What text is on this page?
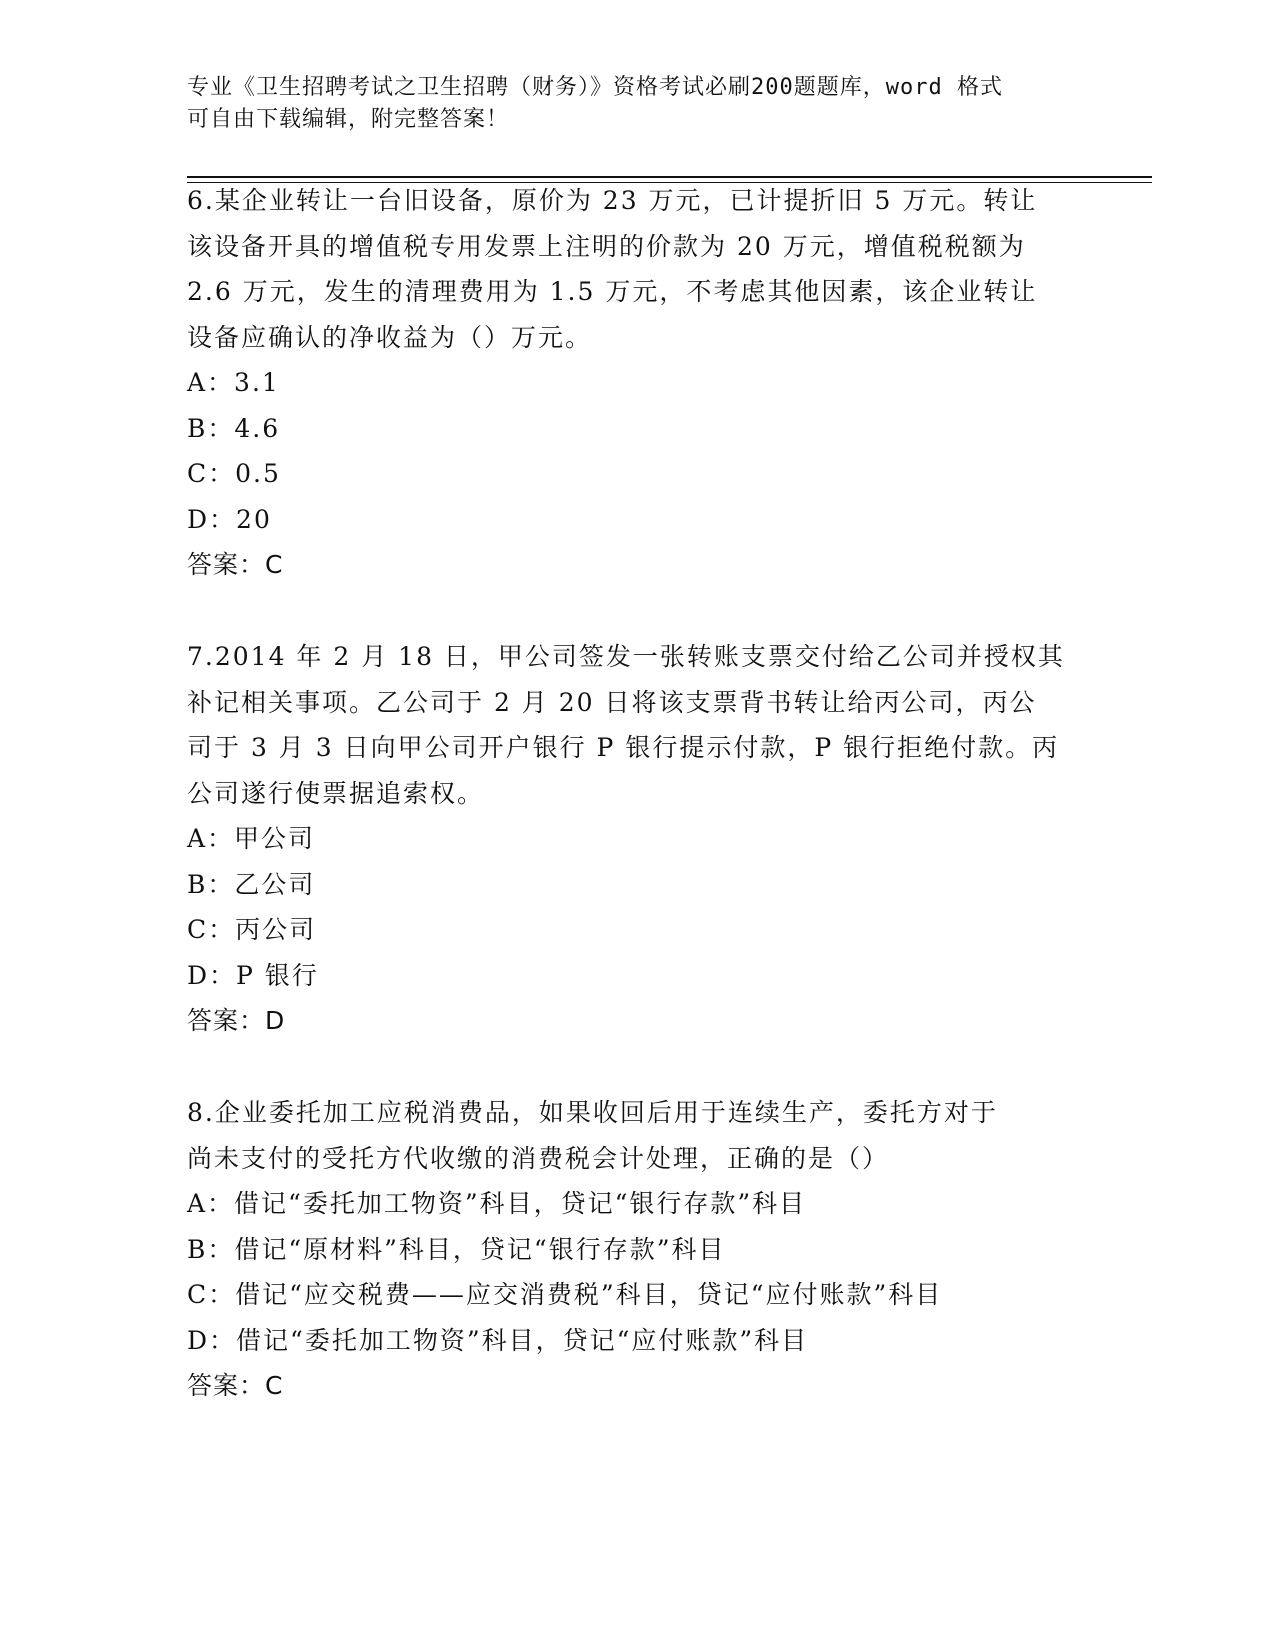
专业《卫生招聘考试之卫生招聘（财务）》资格考试必刷200题题库，word 格式
可自由下载编辑，附完整答案！
6.某企业转让一台旧设备，原价为 23 万元，已计提折旧 5 万元。转让
该设备开具的增值税专用发票上注明的价款为 20 万元，增值税税额为
2.6 万元，发生的清理费用为 1.5 万元，不考虑其他因素，该企业转让
设备应确认的净收益为（）万元。
A：3.1
B：4.6
C：0.5
D：20
答案：C
7.2014 年 2 月 18 日，甲公司签发一张转账支票交付给乙公司并授权其
补记相关事项。乙公司于 2 月 20 日将该支票背书转让给丙公司，丙公
司于 3 月 3 日向甲公司开户银行 P 银行提示付款，P 银行拒绝付款。丙
公司遂行使票据追索权。
A：甲公司
B：乙公司
C：丙公司
D：P 银行
答案：D
8.企业委托加工应税消费品，如果收回后用于连续生产，委托方对于
尚未支付的受托方代收缴的消费税会计处理，正确的是（）
A：借记“委托加工物资”科目，贷记“银行存款”科目
B：借记“原材料”科目，贷记“银行存款”科目
C：借记“应交税费——应交消费税”科目，贷记“应付账款”科目
D：借记“委托加工物资”科目，贷记“应付账款”科目
答案：C
